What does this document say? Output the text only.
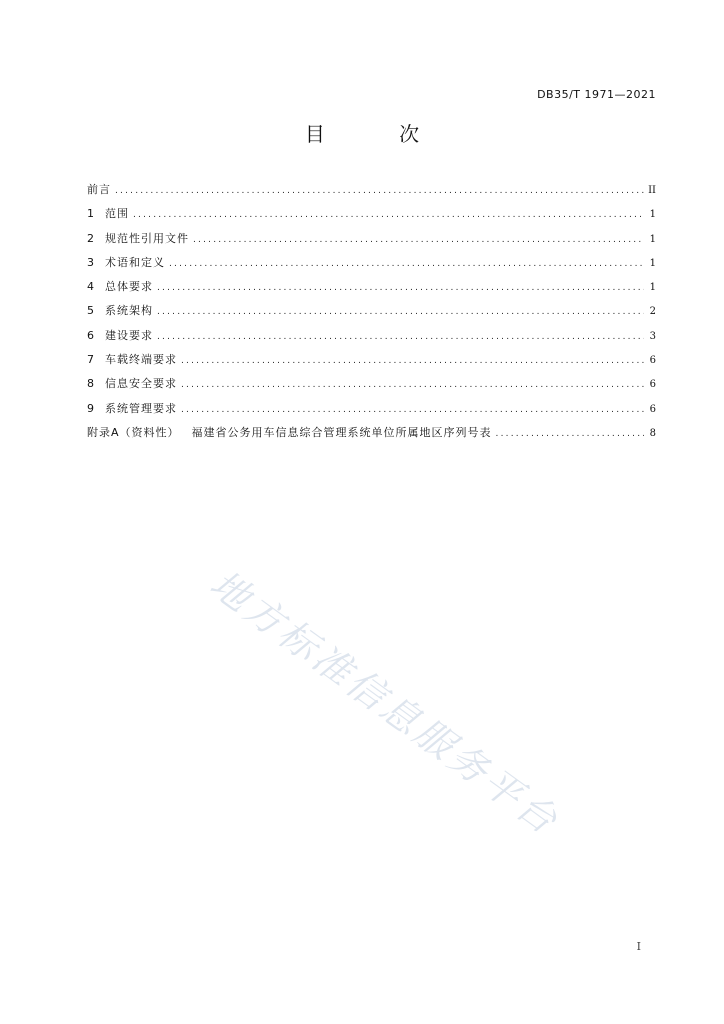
DB35/T 1971—2021
目 次
前言 .....	II
1	范围 .....	1
2	规范性引用文件 .....	1
3	术语和定义 .....	1
4	总体要求 .....	1
5	系统架构 .....	2
6	建设要求 .....	3
7	车载终端要求 .....	6
8	信息安全要求 .....	6
9	系统管理要求 .....	6
附录A（资料性） 福建省公务用车信息综合管理系统单位所属地区序列号表 .....	8
地方标准信息服务平台
I
